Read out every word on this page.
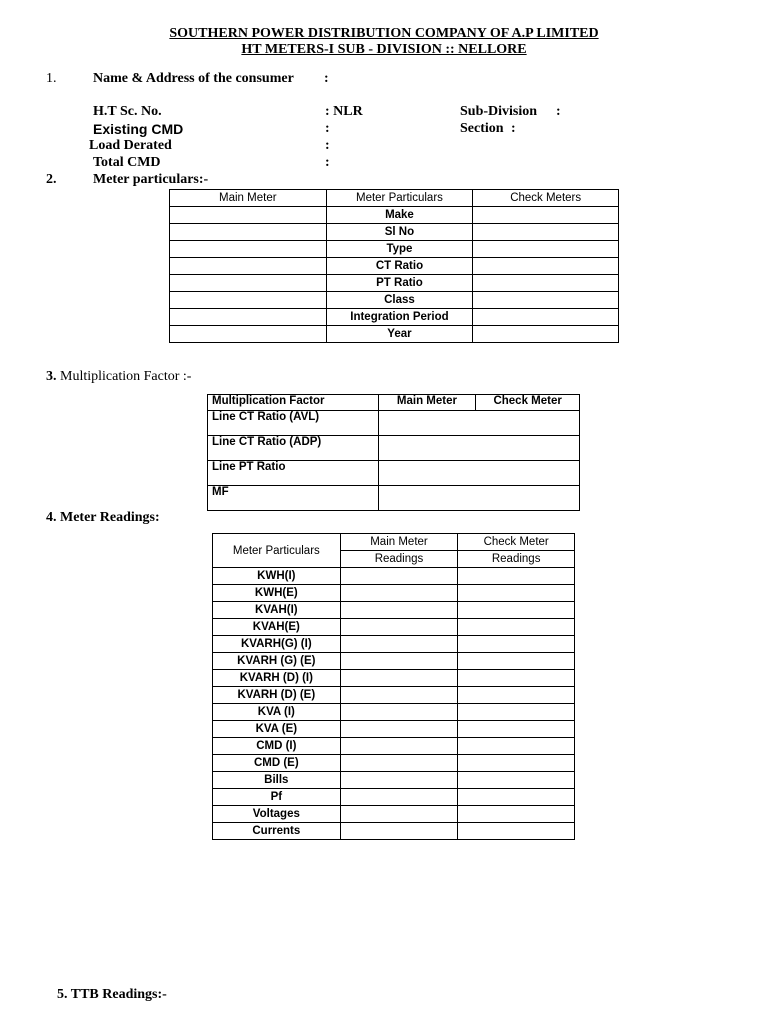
SOUTHERN POWER DISTRIBUTION COMPANY OF A.P LIMITED
HT METERS-I SUB - DIVISION :: NELLORE
1.	Name & Address of the consumer :
H.T Sc. No.	: NLR	Sub-Division :
Existing CMD	:	Section :
Load Derated	:
Total CMD	:
2.	Meter particulars:-
Main Meter	Meter Particulars	Check Meters
	Make	
	Sl No	
	Type	
	CT Ratio	
	PT Ratio	
	Class	
	Integration Period	
	Year	
3. Multiplication Factor :-
Multiplication Factor	Main Meter	Check Meter
Line CT Ratio (AVL)		
Line CT Ratio (ADP)		
Line PT Ratio		
MF		
4. Meter Readings:
Meter Particulars	Main Meter	Check Meter
	Readings	Readings
KWH(I)		
KWH(E)		
KVAH(I)		
KVAH(E)		
KVARH(G) (I)		
KVARH (G) (E)		
KVARH (D) (I)		
KVARH (D) (E)		
KVA (I)		
KVA (E)		
CMD (I)		
CMD (E)		
Bills		
Pf		
Voltages		
Currents		
5. TTB Readings:-
